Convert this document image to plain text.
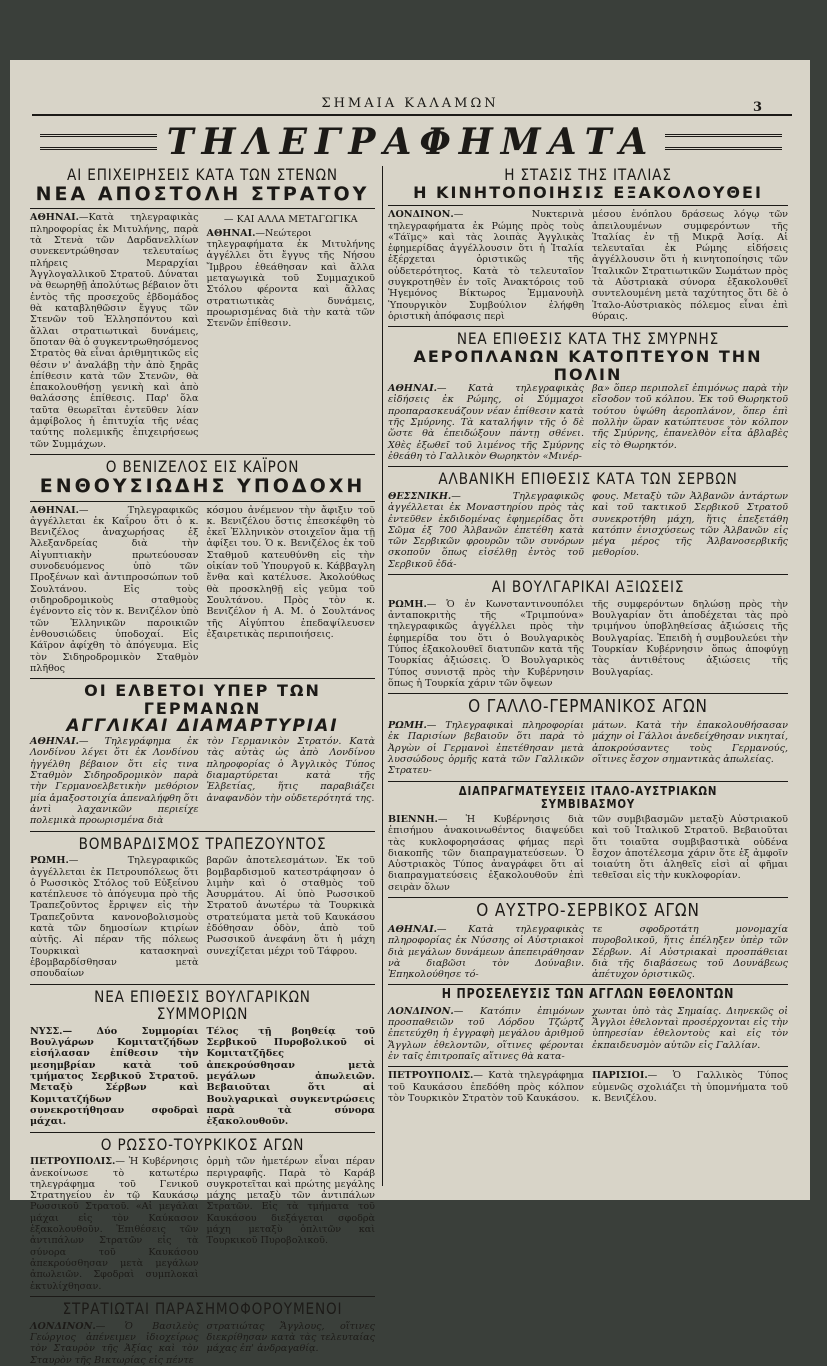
ΣΗΜΑΙΑ ΚΑΛΑΜΩΝ	3
ΤΗΛΕΓΡΑΦΗΜΑΤΑ

ΑΙ ΕΠΙΧΕΙΡΗΣΕΙΣ ΚΑΤΑ ΤΩΝ ΣΤΕΝΩΝ

ΝΕΑ ΑΠΟΣΤΟΛΗ ΣΤΡΑΤΟΥ

ΑΘΗΝΑΙ.—Κατὰ τηλεγραφικὰς πληροφορίας ἐκ Μιτυλήνης, παρὰ τὰ Στενὰ τῶν Δαρδανελλίων συνεκεντρώθησαν τελευταίως πλήρεις Μεραρχίαι Ἀγγλογαλλικοῦ Στρατοῦ. Δύναται νὰ θεωρηθῇ ἀπολύτως βέβαιον ὅτι ἐντὸς τῆς προσεχοῦς ἑβδομάδος θὰ καταβληθῶσιν ἔγγυς τῶν Στενῶν τοῦ Ἑλλησπόντου καὶ ἄλλαι στρατιωτικαὶ δυνάμεις, ὅποταν θὰ ὁ συγκεντρωθησόμενος Στρατὸς θὰ εἶναι ἀριθμητικῶς εἰς θέσιν ν' ἀναλάβῃ τὴν ἀπὸ ξηρᾶς ἐπίθεσιν κατὰ τῶν Στενῶν, θὰ ἐπακολουθήσῃ γενικὴ καὶ ἀπὸ θαλάσσης ἐπίθεσις. Παρ' ὅλα ταῦτα θεωρεῖται ἐντεῦθεν λίαν ἀμφίβολος ἡ ἐπιτυχία τῆς νέας ταύτης πολεμικῆς ἐπιχειρήσεως τῶν Συμμάχων.

— ΚΑΙ ΑΛΛΑ ΜΕΤΑΓΩΓΙΚΑ
ΑΘΗΝΑΙ.—Νεώτεροι τηλεγραφήματα ἐκ Μιτυλήνης ἀγγέλλει ὅτι ἔγγυς τῆς Νήσου Ἴμβρου ἐθεάθησαν καὶ ἄλλα μεταγωγικὰ τοῦ Συμμαχικοῦ Στόλου φέροντα καὶ ἄλλας στρατιωτικὰς δυνάμεις, προωρισμένας διὰ τὴν κατὰ τῶν Στενῶν ἐπίθεσιν.

Ο ΒΕΝΙΖΕΛΟΣ ΕΙΣ ΚΑΪΡΟΝ

ΕΝΘΟΥΣΙΩΔΗΣ ΥΠΟΔΟΧΗ

ΑΘΗΝΑΙ.— Τηλεγραφικῶς ἀγγέλλεται ἐκ Καΐρου ὅτι ὁ κ. Βενιζέλος ἀναχωρήσας ἐξ Ἀλεξανδρείας διὰ τὴν Αἰγυπτιακὴν πρωτεύουσαν συνοδευόμενος ὑπὸ τῶν Προξένων καὶ ἀντιπροσώπων τοῦ Σουλτάνου. Εἰς τοὺς σιδηροδρομικοὺς σταθμοὺς ἐγένοντο εἰς τὸν κ. Βενιζέλον ὑπὸ τῶν Ἑλληνικῶν παροικιῶν ἐνθουσιώδεις ὑποδοχαί. Εἰς Κάϊρον ἀφίχθη τὸ ἀπόγευμα. Εἰς τὸν Σιδηροδρομικὸν Σταθμὸν πλῆθος

κόσμου ἀνέμενον τὴν ἄφιξιν τοῦ κ. Βενιζέλου ὅστις ἐπεσκέφθη τὸ ἐκεῖ Ἑλληνικὸν στοιχεῖον ἅμα τῇ ἀφίξει του. Ὁ κ. Βενιζέλος ἐκ τοῦ Σταθμοῦ κατευθύνθη εἰς τὴν οἰκίαν τοῦ Ὑπουργοῦ κ. Κάββαγλη ἔνθα καὶ κατέλυσε. Ἀκολούθως θὰ προσκληθῇ εἰς γεῦμα τοῦ Σουλτάνου. Πρὸς τὸν κ. Βενιζέλον ἡ Α. Μ. ὁ Σουλτάνος τῆς Αἰγύπτου ἐπεδαψίλευσεν ἐξαιρετικὰς περιποιήσεις.

ΟΙ ΕΛΒΕΤΟΙ ΥΠΕΡ ΤΩΝ ΓΕΡΜΑΝΩΝ

ΑΓΓΛΙΚΑΙ ΔΙΑΜΑΡΤΥΡΙΑΙ

ΑΘΗΝΑΙ.— Τηλεγράφημα ἐκ Λονδίνου λέγει ὅτι ἐκ Λονδίνου ἠγγέλθη βέβαιον ὅτι εἰς τινα Σταθμὸν Σιδηροδρομικὸν παρὰ τὴν Γερμανοελβετικὴν μεθόριον μία ἁμαξοστοιχία ἀπεναλήφθη ὅτι ἀντὶ λαχανικῶν περιείχε πολεμικὰ προωρισμένα διὰ

τὸν Γερμανικὸν Στρατόν. Κατὰ τὰς αὐτὰς ὡς ἀπὸ Λονδίνου πληροφορίας ὁ Ἀγγλικὸς Τύπος διαμαρτύρεται κατὰ τῆς Ἑλβετίας, ἥτις παραβιάζει ἀναφανδὸν τὴν οὐδετερότητά της.

ΒΟΜΒΑΡΔΙΣΜΟΣ ΤΡΑΠΕΖΟΥΝΤΟΣ

ΡΩΜΗ.— Τηλεγραφικῶς ἀγγέλλεται ἐκ Πετρουπόλεως ὅτι ὁ Ρωσσικὸς Στόλος τοῦ Εὐξείνου κατέπλευσε τὸ ἀπόγευμα πρὸ τῆς Τραπεζοῦντος ἔρριψεν εἰς τὴν Τραπεζοῦντα κανονοβολισμοὺς κατὰ τῶν δημοσίων κτιρίων αὐτῆς. Αἱ πέραν τῆς πόλεως Τουρκικαὶ κατασκηναὶ ἐβομβαρδίσθησαν μετὰ σπουδαίων

βαρῶν ἀποτελεσμάτων. Ἐκ τοῦ βομβαρδισμοῦ κατεστράφησαν ὁ λιμὴν καὶ ὁ σταθμὸς τοῦ Ἀσυρμάτου. Αἱ ὑπὸ Ρωσσικοῦ Στρατοῦ ἀνωτέρω τὰ Τουρκικὰ στρατεύματα μετὰ τοῦ Καυκάσου ἐδόθησαν ὁδὸν, ἀπὸ τοῦ Ρωσσικοῦ ἀνεφάνη ὅτι ἡ μάχη συνεχίζεται μέχρι τοῦ Τάφρου.

ΝΕΑ ΕΠΙΘΕΣΙΣ ΒΟΥΛΓΑΡΙΚΩΝ ΣΥΜΜΟΡΙΩΝ

ΝΥΣΣ.— Δύο Συμμορίαι Βουλγάρων Κομιτατζήδων εἰσήλασαν ἐπίθεσιν τὴν μεσημβρίαν κατὰ τοῦ τμήματος Σερβικοῦ Στρατοῦ. Μεταξὺ Σέρβων καὶ Κομιτατζήδων συνεκροτήθησαν σφοδραὶ μάχαι.

Τέλος τῇ βοηθείᾳ τοῦ Σερβικοῦ Πυροβολικοῦ οἱ Κομιτατζῆδες ἀπεκρούσθησαν μετὰ μεγάλων ἀπωλειῶν. Βεβαιοῦται ὅτι αἱ Βουλγαρικαὶ συγκεντρώσεις παρὰ τὰ σύνορα ἐξακολουθοῦν.

Ο ΡΩΣΣΟ-ΤΟΥΡΚΙΚΟΣ ΑΓΩΝ

ΠΕΤΡΟΥΠΟΛΙΣ.— Ἡ Κυβέρνησις ἀνεκοίνωσε τὸ κατωτέρω τηλεγράφημα τοῦ Γενικοῦ Στρατηγείου ἐν τῷ Καυκάσῳ Ρωσσικοῦ Στρατοῦ. «Αἱ μεγάλαι μάχαι εἰς τὸν Καύκασον ἐξακολουθοῦν. Ἐπιθέσεις τῶν ἀντιπάλων Στρατῶν εἰς τὰ σύνορα τοῦ Καυκάσου ἀπεκρούσθησαν μετὰ μεγάλων ἀπωλειῶν. Σφοδραὶ συμπλοκαὶ ἐκτυλίχθησαν.

ὁρμὴ τῶν ἡμετέρων εἶναι πέραν περιγραφῆς. Παρὰ τὸ Καράβ συγκροτεῖται καὶ πρώτης μεγάλης μάχης μεταξὺ τῶν ἀντιπάλων Στρατῶν. Εἰς τὰ τμήματα τοῦ Καυκάσου διεξάγεται σφοδρὰ μάχη μεταξὺ ὁπλιτῶν καὶ Τουρκικοῦ Πυροβολικοῦ.

ΣΤΡΑΤΙΩΤΑΙ ΠΑΡΑΣΗΜΟΦΟΡΟΥΜΕΝΟΙ

ΛΟΝΔΙΝΟΝ.— Ὁ Βασιλεὺς Γεώργιος ἀπένειμεν ἰδιοχείρως τὸν Σταυρὸν τῆς Ἀξίας καὶ τὸν Σταυρὸν τῆς Βικτωρίας εἰς πέντε

στρατιώτας Ἄγγλους, οἵτινες διεκρίθησαν κατὰ τὰς τελευταίας μάχας ἐπ' ἀνδραγαθίᾳ.

Η ΣΤΑΣΙΣ ΤΗΣ ΙΤΑΛΙΑΣ

Η ΚΙΝΗΤΟΠΟΙΗΣΙΣ ΕΞΑΚΟΛΟΥΘΕΙ

ΛΟΝΔΙΝΟΝ.— Νυκτερινὰ τηλεγραφήματα ἐκ Ρώμης πρὸς τοὺς «Τάϊμς» καὶ τὰς λοιπὰς Ἀγγλικὰς ἐφημερίδας ἀγγέλλουσιν ὅτι ἡ Ἰταλία ἐξέρχεται ὁριστικῶς τῆς οὐδετερότητος. Κατὰ τὸ τελευταῖον συγκροτηθὲν ἐν τοῖς Ἀνακτόροις τοῦ Ἡγεμόνος Βίκτωρος Ἐμμανουὴλ Ὑπουργικὸν Συμβούλιον ἐλήφθη ὁριστικὴ ἀπόφασις περὶ

μέσου ἐνόπλου δράσεως λόγῳ τῶν ἀπειλουμένων συμφερόντων τῆς Ἰταλίας ἐν τῇ Μικρᾷ Ἀσίᾳ. Αἱ τελευταῖαι ἐκ Ρώμης εἰδήσεις ἀγγέλλουσιν ὅτι ἡ κινητοποίησις τῶν Ἰταλικῶν Στρατιωτικῶν Σωμάτων πρὸς τὰ Αὐστριακὰ σύνορα ἐξακολουθεῖ συντελουμένη μετὰ ταχύτητος ὅτι δὲ ὁ Ἰταλο-Αὐστριακὸς πόλεμος εἶναι ἐπὶ θύραις.

ΝΕΑ ΕΠΙΘΕΣΙΣ ΚΑΤΑ ΤΗΣ ΣΜΥΡΝΗΣ

ΑΕΡΟΠΛΑΝΩΝ ΚΑΤΟΠΤΕΥΟΝ ΤΗΝ ΠΟΛΙΝ

ΑΘΗΝΑΙ.— Κατὰ τηλεγραφικὰς εἰδήσεις ἐκ Ρώμης, οἱ Σύμμαχοι προπαρασκευάζουν νέαν ἐπίθεσιν κατὰ τῆς Σμύρνης. Τὰ καταλήψιν τῆς ὁ δὲ ὥστε θὰ ἐπειδώξουν πάντῃ σθένει. Χθὲς ἐξωθεῖ τοῦ λιμένος τῆς Σμύρνης ἐθεάθη τὸ Γαλλικὸν Θωρηκτὸν «Μινέρ-

βα» ὅπερ περιπολεῖ ἐπιμόνως παρὰ τὴν εἴσοδον τοῦ κόλπου. Ἐκ τοῦ Θωρηκτοῦ τούτου ὑψώθη ἀεροπλάνον, ὅπερ ἐπὶ πολλὴν ὥραν κατώπτευσε τὸν κόλπον τῆς Σμύρνης, ἐπανελθὸν εἶτα ἀβλαβὲς εἰς τὸ Θωρηκτόν.

ΑΛΒΑΝΙΚΗ ΕΠΙΘΕΣΙΣ ΚΑΤΑ ΤΩΝ ΣΕΡΒΩΝ

ΘΕΣΣΝΙΚΗ.— Τηλεγραφικῶς ἀγγέλλεται ἐκ Μοναστηρίου πρὸς τὰς ἐντεῦθεν ἐκδιδομένας ἐφημερίδας ὅτι Σῶμα ἐξ 700 Ἀλβανῶν ἐπετέθη κατὰ τῶν Σερβικῶν φρουρῶν τῶν συνόρων σκοποῦν ὅπως εἰσέλθῃ ἐντὸς τοῦ Σερβικοῦ ἐδά-

φους. Μεταξὺ τῶν Ἀλβανῶν ἀντάρτων καὶ τοῦ τακτικοῦ Σερβικοῦ Στρατοῦ συνεκροτήθη μάχη, ἥτις ἐπεξετάθη κατόπιν ἐνισχύσεως τῶν Ἀλβανῶν εἰς μέγα μέρος τῆς Ἀλβανοσερβικῆς μεθορίου.

ΑΙ ΒΟΥΛΓΑΡΙΚΑΙ ΑΞΙΩΣΕΙΣ

ΡΩΜΗ.— Ὁ ἐν Κωνσταντινουπόλει ἀνταποκριτὴς τῆς «Τριμπούνα» τηλεγραφικῶς ἀγγέλλει πρὸς τὴν ἐφημερίδα του ὅτι ὁ Βουλγαρικὸς Τύπος ἐξακολουθεῖ διατυπῶν κατὰ τῆς Τουρκίας ἀξιώσεις. Ὁ Βουλγαρικὸς Τύπος συνιστᾷ πρὸς τὴν Κυβέρνησιν ὅπως ἡ Τουρκία χάριν τῶν ὄψεων

τῆς συμφερόντων δηλώσῃ πρὸς τὴν Βουλγαρίαν ὅτι ἀποδέχεται τὰς πρὸ τριμήνου ὑποβληθείσας ἀξιώσεις τῆς Βουλγαρίας. Ἐπειδὴ ἡ συμβουλεύει τὴν Τουρκίαν Κυβέρνησιν ὅπως ἀποφύγῃ τὰς ἀντιθέτους ἀξιώσεις τῆς Βουλγαρίας.

Ο ΓΑΛΛΟ-ΓΕΡΜΑΝΙΚΟΣ ΑΓΩΝ

ΡΩΜΗ.— Τηλεγραφικαὶ πληροφορίαι ἐκ Παρισίων βεβαιοῦν ὅτι παρὰ τὸ Ἀργὼν οἱ Γερμανοὶ ἐπετέθησαν μετὰ λυσσώδους ὁρμῆς κατὰ τῶν Γαλλικῶν Στρατευ-

μάτων. Κατὰ τὴν ἐπακολουθήσασαν μάχην οἱ Γάλλοι ἀνεδείχθησαν νικηταί, ἀποκρούσαντες τοὺς Γερμανούς, οἵτινες ἔσχον σημαντικὰς ἀπωλείας.

ΔΙΑΠΡΑΓΜΑΤΕΥΣΕΙΣ ΙΤΑΛΟ-ΑΥΣΤΡΙΑΚΩΝ ΣΥΜΒΙΒΑΣΜΟΥ

ΒΙΕΝΝΗ.— Ἡ Κυβέρνησις διὰ ἐπισήμου ἀνακοινωθέντος διαψεύδει τὰς κυκλοφορησάσας φήμας περὶ διακοπῆς τῶν διαπραγματεύσεων. Ὁ Αὐστριακὸς Τύπος ἀναγράφει ὅτι αἱ διαπραγματεύσεις ἐξακολουθοῦν ἐπὶ σειρὰν ὅλων

τῶν συμβιβασμῶν μεταξὺ Αὐστριακοῦ καὶ τοῦ Ἰταλικοῦ Στρατοῦ. Βεβαιοῦται ὅτι τοιαῦτα συμβιβαστικὰ οὐδένα ἔσχον ἀποτέλεσμα χάριν ὅτε ἐξ ἀμφοῖν τοιαύτη ὅτι ἀληθεῖς εἰσὶ αἱ φῆμαι τεθεῖσαι εἰς τὴν κυκλοφορίαν.

Ο ΑΥΣΤΡΟ-ΣΕΡΒΙΚΟΣ ΑΓΩΝ

ΑΘΗΝΑΙ.— Κατὰ τηλεγραφικὰς πληροφορίας ἐκ Νύσσης οἱ Αὐστριακοὶ διὰ μεγάλων δυνάμεων ἀπεπειράθησαν νὰ διαβῶσι τὸν Δούναβιν. Ἐπηκολούθησε τό-

τε σφοδροτάτη μονομαχία πυροβολικοῦ, ἥτις ἐπέληξεν ὑπὲρ τῶν Σέρβων. Αἱ Αὐστριακαὶ προσπάθειαι διὰ τῆς διαβάσεως τοῦ Δουνάβεως ἀπέτυχον ὁριστικῶς.

Η ΠΡΟΣΕΛΕΥΣΙΣ ΤΩΝ ΑΓΓΛΩΝ ΕΘΕΛΟΝΤΩΝ

ΛΟΝΔΙΝΟΝ.— Κατόπιν ἐπιμόνων προσπαθειῶν τοῦ Λόρδου Τζώρτζ ἐπετεύχθη ἡ ἐγγραφὴ μεγάλου ἀριθμοῦ Ἄγγλων ἐθελοντῶν, οἵτινες φέρονται ἐν ταῖς ἐπιτροπαῖς αἵτινες θὰ κατα-

χωνται ὑπὸ τὰς Σημαίας. Διηνεκῶς οἱ Ἄγγλοι ἐθελονταὶ προσέρχονται εἰς τὴν ὑπηρεσίαν ἐθελοντοὺς καὶ εἰς τὸν ἐκπαιδευσμὸν αὐτῶν εἰς Γαλλίαν.

ΠΕΤΡΟΥΠΟΛΙΣ.— Κατὰ τηλεγράφημα τοῦ Καυκάσου ἐπεδόθη πρὸς κόλπον τὸν Τουρκικὸν Στρατὸν τοῦ Καυκάσου.

ΠΑΡΙΣΙΟΙ.— Ὁ Γαλλικὸς Τύπος εὐμενῶς σχολιάζει τὴ ὑπομνήματα τοῦ κ. Βενιζέλου.
